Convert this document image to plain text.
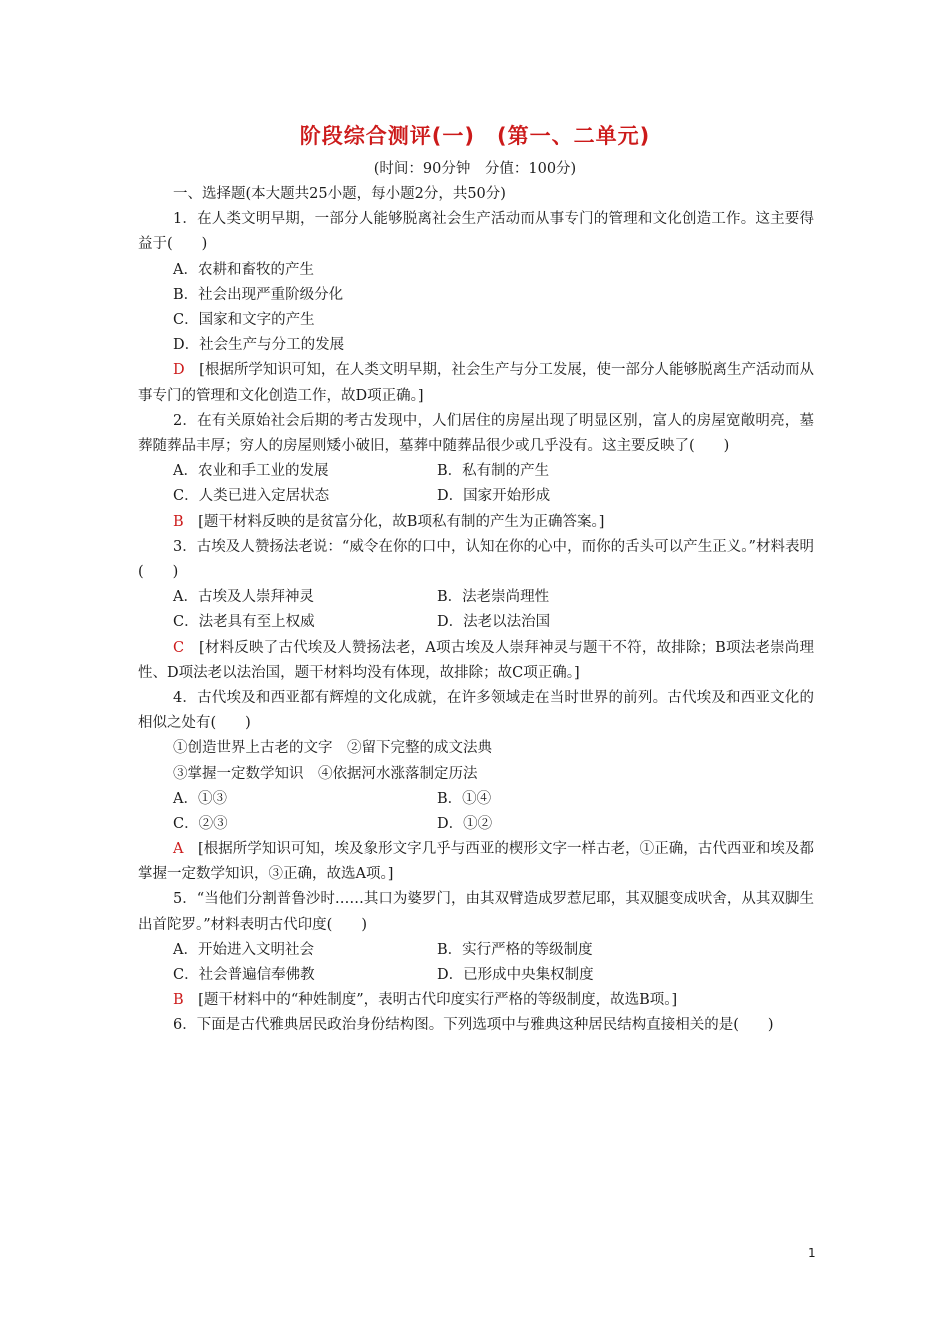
阶段综合测评(一)　(第一、二单元)
(时间：90分钟　分值：100分)
一、选择题(本大题共25小题，每小题2分，共50分)

1．在人类文明早期，一部分人能够脱离社会生产活动而从事专门的管理和文化创造工作。这主要得益于(　　)

A．农耕和畜牧的产生
B．社会出现严重阶级分化
C．国家和文字的产生
D．社会生产与分工的发展

D　 [根据所学知识可知，在人类文明早期，社会生产与分工发展，使一部分人能够脱离生产活动而从事专门的管理和文化创造工作，故D项正确。]

2．在有关原始社会后期的考古发现中，人们居住的房屋出现了明显区别，富人的房屋宽敞明亮，墓葬随葬品丰厚；穷人的房屋则矮小破旧，墓葬中随葬品很少或几乎没有。这主要反映了(　　)

A．农业和手工业的发展	B．私有制的产生
C．人类已进入定居状态	D．国家开始形成

B　 [题干材料反映的是贫富分化，故B项私有制的产生为正确答案。]

3．古埃及人赞扬法老说：“威令在你的口中，认知在你的心中，而你的舌头可以产生正义。”材料表明(　　)

A．古埃及人崇拜神灵	B．法老崇尚理性
C．法老具有至上权威	D．法老以法治国

C　 [材料反映了古代埃及人赞扬法老，A项古埃及人崇拜神灵与题干不符，故排除；B项法老崇尚理性、D项法老以法治国，题干材料均没有体现，故排除；故C项正确。]

4．古代埃及和西亚都有辉煌的文化成就，在许多领域走在当时世界的前列。古代埃及和西亚文化的相似之处有(　　)

①创造世界上古老的文字　②留下完整的成文法典
③掌握一定数学知识　④依据河水涨落制定历法
A．①③	B．①④
C．②③	D．①②

A　 [根据所学知识可知，埃及象形文字几乎与西亚的楔形文字一样古老，①正确，古代西亚和埃及都掌握一定数学知识，③正确，故选A项。]

5．“当他们分割普鲁沙时……其口为婆罗门，由其双臂造成罗惹尼耶，其双腿变成吠舍，从其双脚生出首陀罗。”材料表明古代印度(　　)

A．开始进入文明社会	B．实行严格的等级制度
C．社会普遍信奉佛教	D．已形成中央集权制度

B　 [题干材料中的“种姓制度”，表明古代印度实行严格的等级制度，故选B项。]

6．下面是古代雅典居民政治身份结构图。下列选项中与雅典这种居民结构直接相关的是(　　)

1
